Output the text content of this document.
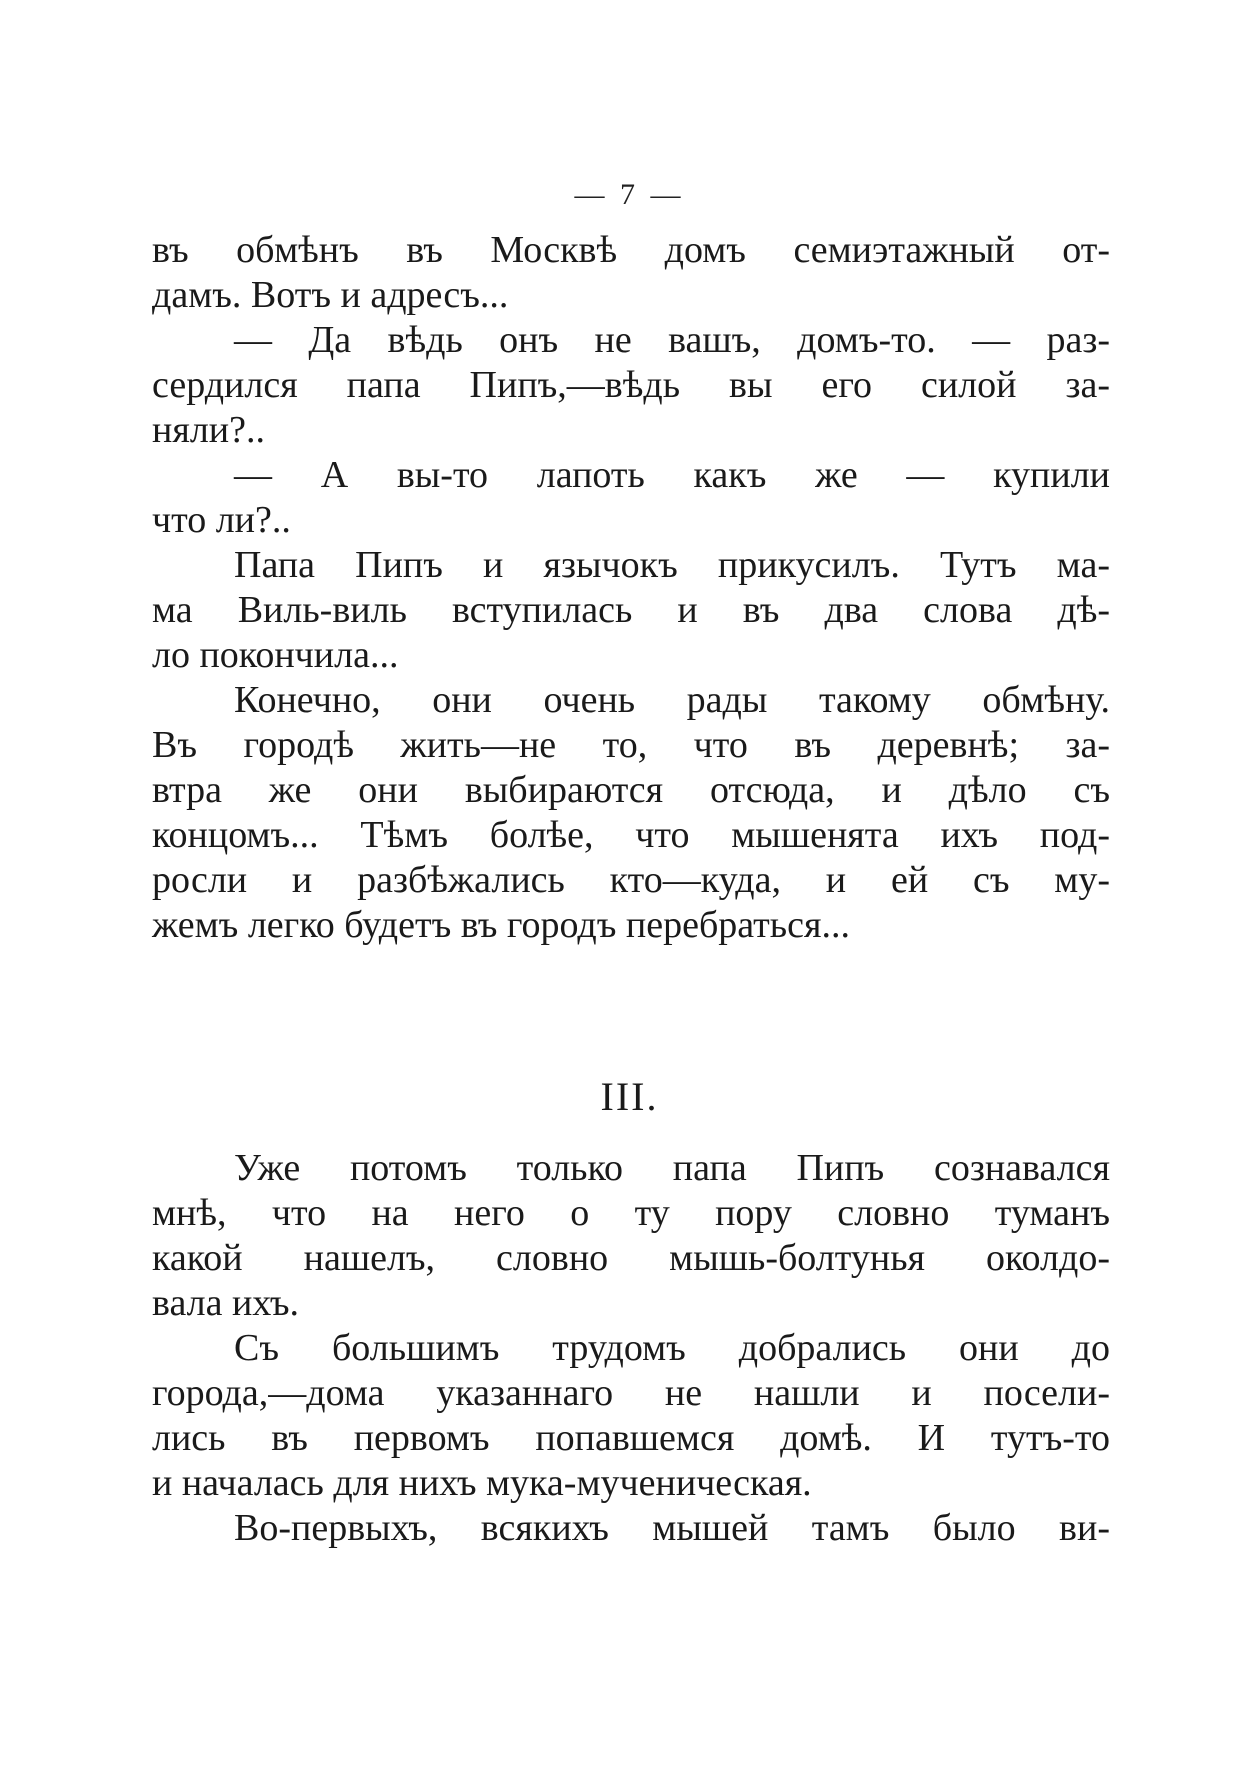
— 7 —
въ обмѣнъ въ Москвѣ домъ семиэтажный от-
дамъ. Вотъ и адресъ...
— Да вѣдь онъ не вашъ, домъ-то. — раз-
сердился папа Пипъ,—вѣдь вы его силой за-
няли?..
— А вы-то лапоть какъ же — купили
что ли?..
Папа Пипъ и язычокъ прикусилъ. Тутъ ма-
ма Виль-виль вступилась и въ два слова дѣ-
ло покончила...
Конечно, они очень рады такому обмѣну.
Въ городѣ жить—не то, что въ деревнѣ; за-
втра же они выбираются отсюда, и дѣло съ
концомъ... Тѣмъ болѣе, что мышенята ихъ под-
росли и разбѣжались кто—куда, и ей съ му-
жемъ легко будетъ въ городъ перебраться...
III.
Уже потомъ только папа Пипъ сознавался
мнѣ, что на него о ту пору словно туманъ
какой нашелъ, словно мышь-болтунья околдо-
вала ихъ.
Съ большимъ трудомъ добрались они до
города,—дома указаннаго не нашли и посели-
лись въ первомъ попавшемся домѣ. И тутъ-то
и началась для нихъ мука-мученическая.
Во-первыхъ, всякихъ мышей тамъ было ви-
